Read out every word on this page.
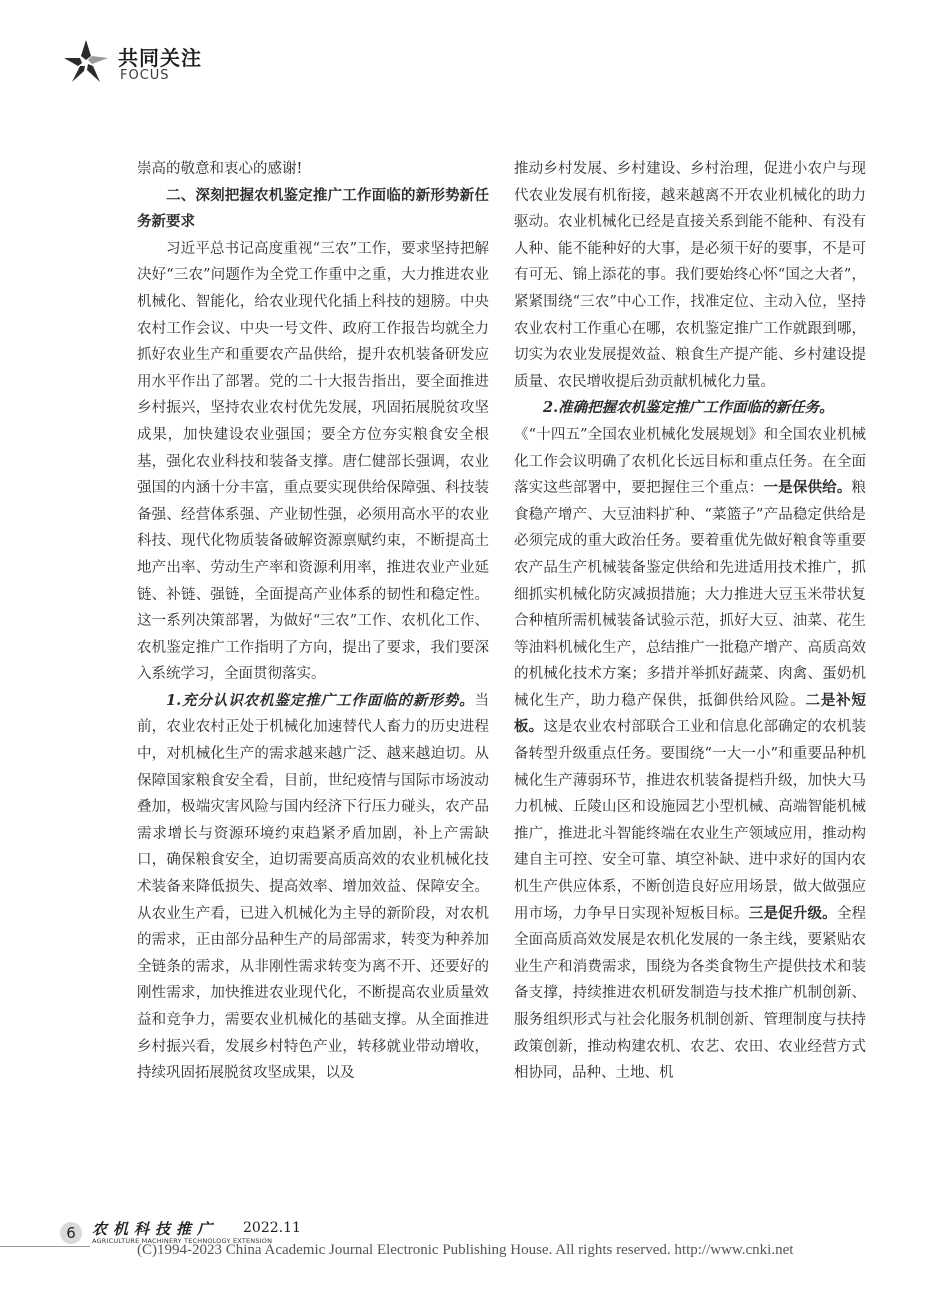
共同关注
FOCUS

崇高的敬意和衷心的感谢!

二、深刻把握农机鉴定推广工作面临的新形势新任务新要求

习近平总书记高度重视“三农”工作，要求坚持把解决好“三农”问题作为全党工作重中之重，大力推进农业机械化、智能化，给农业现代化插上科技的翅膀。中央农村工作会议、中央一号文件、政府工作报告均就全力抓好农业生产和重要农产品供给，提升农机装备研发应用水平作出了部署。党的二十大报告指出，要全面推进乡村振兴，坚持农业农村优先发展，巩固拓展脱贫攻坚成果，加快建设农业强国；要全方位夯实粮食安全根基，强化农业科技和装备支撑。唐仁健部长强调，农业强国的内涵十分丰富，重点要实现供给保障强、科技装备强、经营体系强、产业韧性强，必须用高水平的农业科技、现代化物质装备破解资源禀赋约束，不断提高土地产出率、劳动生产率和资源利用率，推进农业产业延链、补链、强链，全面提高产业体系的韧性和稳定性。这一系列决策部署，为做好“三农”工作、农机化工作、农机鉴定推广工作指明了方向，提出了要求，我们要深入系统学习，全面贯彻落实。

1.充分认识农机鉴定推广工作面临的新形势。当前，农业农村正处于机械化加速替代人畜力的历史进程中，对机械化生产的需求越来越广泛、越来越迫切。从保障国家粮食安全看，目前，世纪疫情与国际市场波动叠加，极端灾害风险与国内经济下行压力碰头，农产品需求增长与资源环境约束趋紧矛盾加剧，补上产需缺口，确保粮食安全，迫切需要高质高效的农业机械化技术装备来降低损失、提高效率、增加效益、保障安全。从农业生产看，已进入机械化为主导的新阶段，对农机的需求，正由部分品种生产的局部需求，转变为种养加全链条的需求，从非刚性需求转变为离不开、还要好的刚性需求，加快推进农业现代化，不断提高农业质量效益和竞争力，需要农业机械化的基础支撑。从全面推进乡村振兴看，发展乡村特色产业，转移就业带动增收，持续巩固拓展脱贫攻坚成果，以及

推动乡村发展、乡村建设、乡村治理，促进小农户与现代农业发展有机衔接，越来越离不开农业机械化的助力驱动。农业机械化已经是直接关系到能不能种、有没有人种、能不能种好的大事，是必须干好的要事，不是可有可无、锦上添花的事。我们要始终心怀“国之大者”，紧紧围绕“三农”中心工作，找准定位、主动入位，坚持农业农村工作重心在哪，农机鉴定推广工作就跟到哪，切实为农业发展提效益、粮食生产提产能、乡村建设提质量、农民增收提后劲贡献机械化力量。

2.准确把握农机鉴定推广工作面临的新任务。

《“十四五”全国农业机械化发展规划》和全国农业机械化工作会议明确了农机化长远目标和重点任务。在全面落实这些部署中，要把握住三个重点：一是保供给。粮食稳产增产、大豆油料扩种、“菜篮子”产品稳定供给是必须完成的重大政治任务。要着重优先做好粮食等重要农产品生产机械装备鉴定供给和先进适用技术推广，抓细抓实机械化防灾减损措施；大力推进大豆玉米带状复合种植所需机械装备试验示范，抓好大豆、油菜、花生等油料机械化生产，总结推广一批稳产增产、高质高效的机械化技术方案；多措并举抓好蔬菜、肉禽、蛋奶机械化生产，助力稳产保供，抵御供给风险。二是补短板。这是农业农村部联合工业和信息化部确定的农机装备转型升级重点任务。要围绕“一大一小”和重要品种机械化生产薄弱环节，推进农机装备提档升级，加快大马力机械、丘陵山区和设施园艺小型机械、高端智能机械推广，推进北斗智能终端在农业生产领域应用，推动构建自主可控、安全可靠、填空补缺、进中求好的国内农机生产供应体系，不断创造良好应用场景，做大做强应用市场，力争早日实现补短板目标。三是促升级。全程全面高质高效发展是农机化发展的一条主线，要紧贴农业生产和消费需求，围绕为各类食物生产提供技术和装备支撑，持续推进农机研发制造与技术推广机制创新、服务组织形式与社会化服务机制创新、管理制度与扶持政策创新，推动构建农机、农艺、农田、农业经营方式相协同，品种、土地、机

6	农机科技推广
AGRICULTURE MACHINERY TECHNOLOGY EXTENSION
2022.11
(C)1994-2023 China Academic Journal Electronic Publishing House. All rights reserved. http://www.cnki.net
